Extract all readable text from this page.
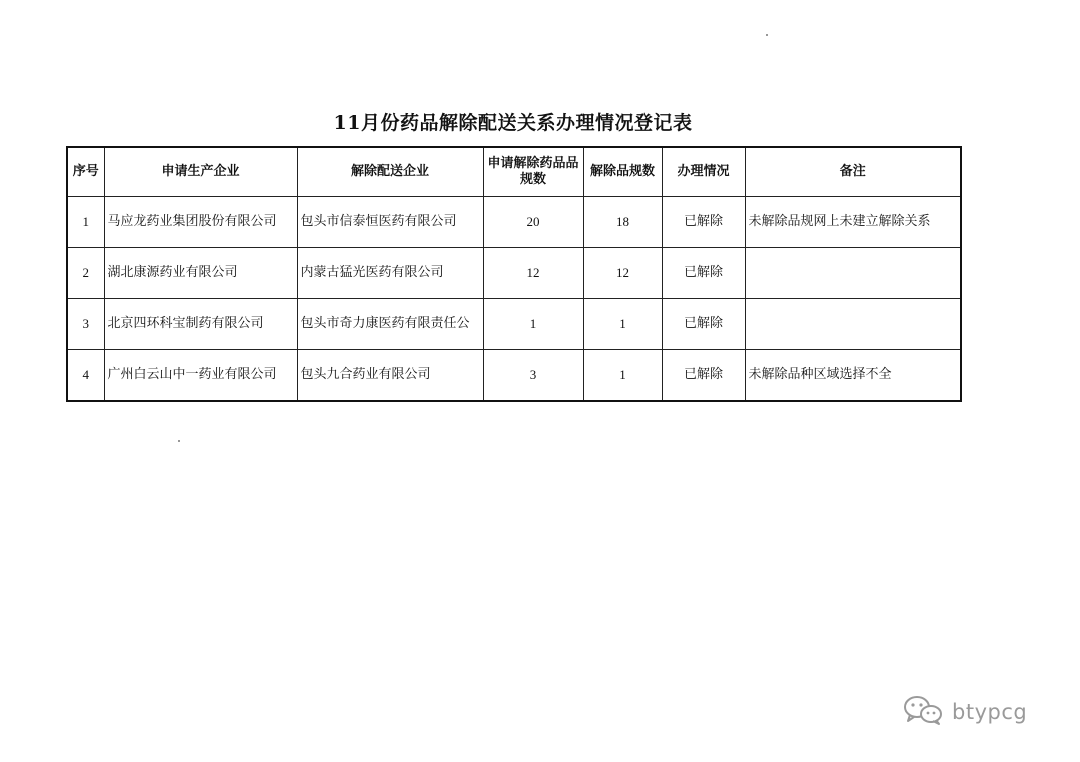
11月份药品解除配送关系办理情况登记表
序号	申请生产企业	解除配送企业	申请解除药品品规数	解除品规数	办理情况	备注
1	马应龙药业集团股份有限公司	包头市信泰恒医药有限公司	20	18	已解除	未解除品规网上未建立解除关系
2	湖北康源药业有限公司	内蒙古猛光医药有限公司	12	12	已解除	
3	北京四环科宝制药有限公司	包头市奇力康医药有限责任公	1	1	已解除	
4	广州白云山中一药业有限公司	包头九合药业有限公司	3	1	已解除	未解除品种区域选择不全
btypcg
